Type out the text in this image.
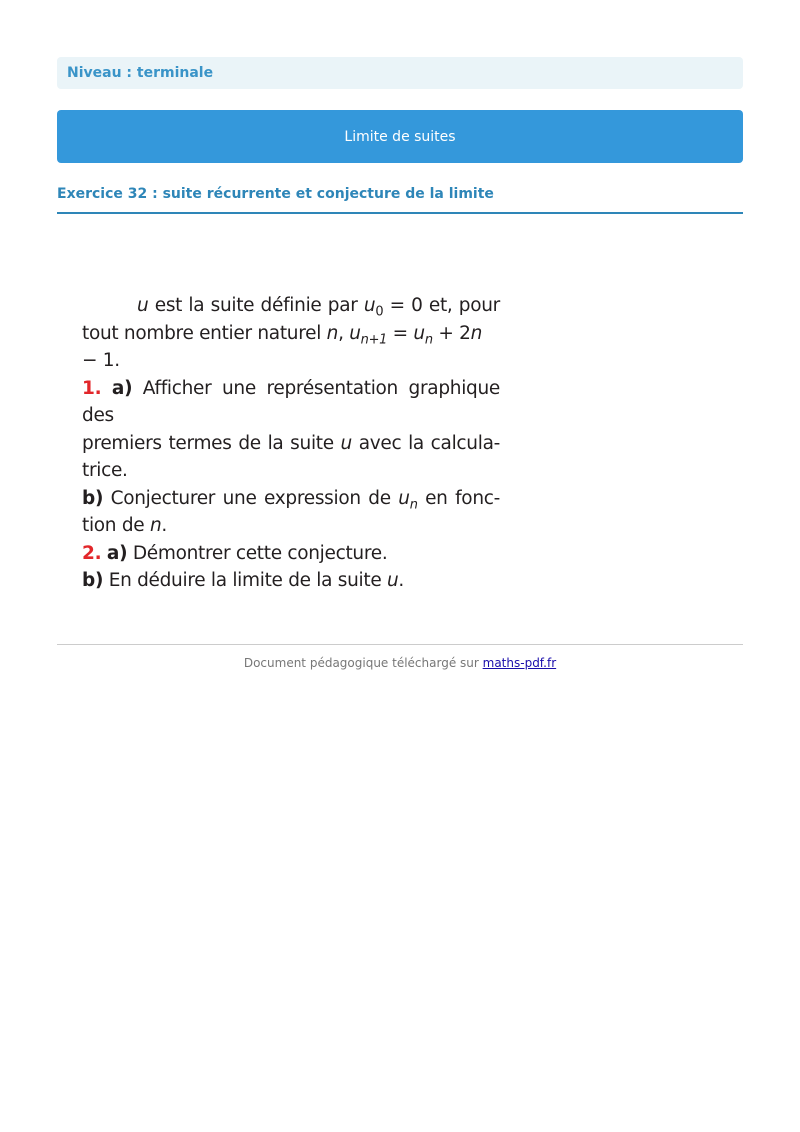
Niveau : terminale
Limite de suites
Exercice 32 : suite récurrente et conjecture de la limite

u est la suite définie par $u_0 = 0$ et, pour

tout nombre entier naturel n, $u_{n+1} = u_n + 2n - 1$.

1. a) Afficher une représentation graphique des

premiers termes de la suite u avec la calcula-

trice.

b) Conjecturer une expression de $u_n$ en fonc-

tion de n.

2. a) Démontrer cette conjecture.

b) En déduire la limite de la suite u.

Document pédagogique téléchargé sur maths-pdf.fr
